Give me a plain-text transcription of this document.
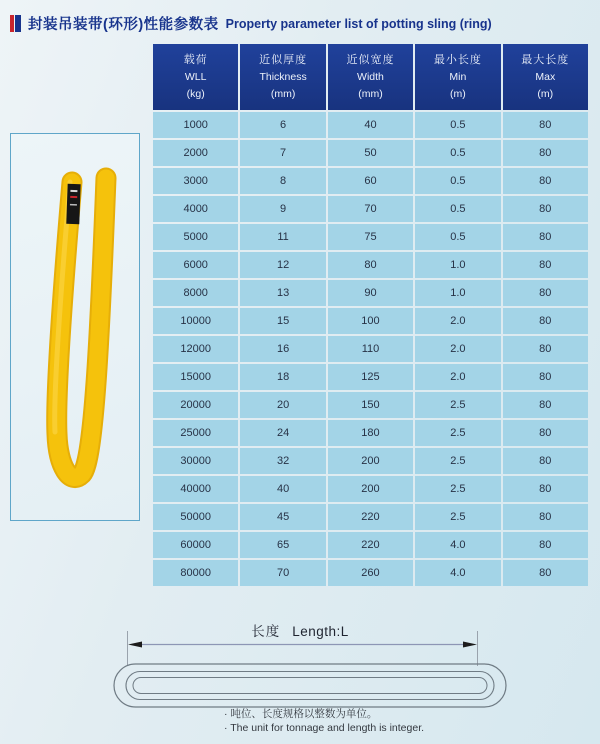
封装吊装带(环形)性能参数表 Property parameter list of potting sling (ring)
载荷
WLL
(kg)

近似厚度
Thickness
(mm)

近似宽度
Width
(mm)

最小长度
Min
(m)

最大长度
Max
(m)

1000	6	40	0.5	80
2000	7	50	0.5	80
3000	8	60	0.5	80
4000	9	70	0.5	80
5000	11	75	0.5	80
6000	12	80	1.0	80
8000	13	90	1.0	80
10000	15	100	2.0	80
12000	16	110	2.0	80
15000	18	125	2.0	80
20000	20	150	2.5	80
25000	24	180	2.5	80
30000	32	200	2.5	80
40000	40	200	2.5	80
50000	45	220	2.5	80
60000	65	220	4.0	80
80000	70	260	4.0	80
长度 Length:L
· 吨位、长度规格以整数为单位。
· The unit for tonnage and length is integer.
